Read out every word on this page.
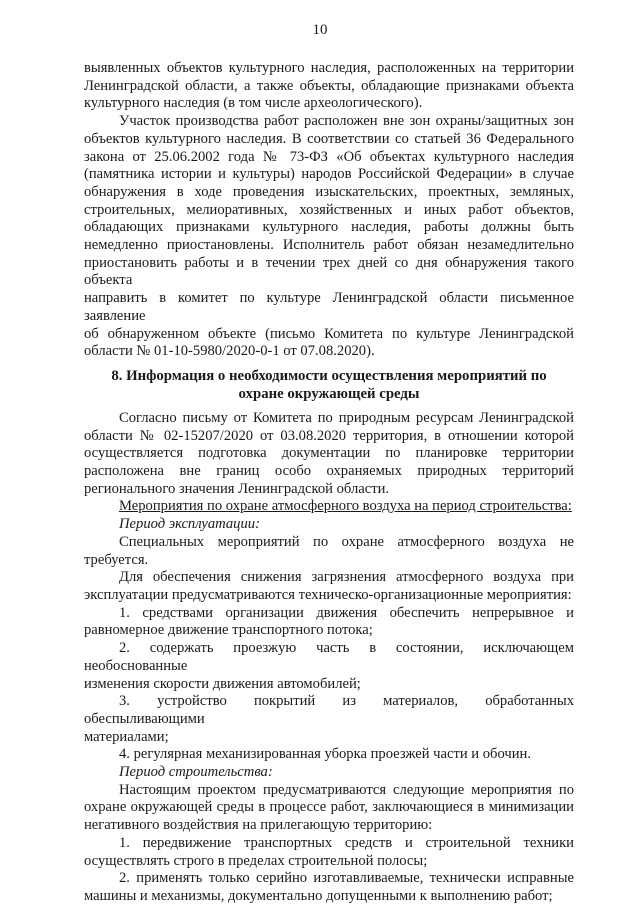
10
выявленных объектов культурного наследия, расположенных на территории
Ленинградской области, а также объекты, обладающие признаками объекта
культурного наследия (в том числе археологического).
Участок производства работ расположен вне зон охраны/защитных зон
объектов культурного наследия. В соответствии со статьей 36 Федерального
закона от 25.06.2002 года № 73-ФЗ «Об объектах культурного наследия
(памятника истории и культуры) народов Российской Федерации» в случае
обнаружения в ходе проведения изыскательских, проектных, земляных,
строительных, мелиоративных, хозяйственных и иных работ объектов,
обладающих признаками культурного наследия, работы должны быть
немедленно приостановлены. Исполнитель работ обязан незамедлительно
приостановить работы и в течении трех дней со дня обнаружения такого объекта
направить в комитет по культуре Ленинградской области письменное заявление
об обнаруженном объекте (письмо Комитета по культуре Ленинградской
области № 01-10-5980/2020-0-1 от 07.08.2020).
8. Информация о необходимости осуществления мероприятий по
охране окружающей среды
Согласно письму от Комитета по природным ресурсам Ленинградской
области № 02-15207/2020 от 03.08.2020 территория, в отношении которой
осуществляется подготовка документации по планировке территории
расположена вне границ особо охраняемых природных территорий
регионального значения Ленинградской области.
Мероприятия по охране атмосферного воздуха на период строительства:
Период эксплуатации:
Специальных мероприятий по охране атмосферного воздуха не требуется.
Для обеспечения снижения загрязнения атмосферного воздуха при
эксплуатации предусматриваются техническо-организационные мероприятия:
1. средствами организации движения обеспечить непрерывное и
равномерное движение транспортного потока;
2. содержать проезжую часть в состоянии, исключающем необоснованные
изменения скорости движения автомобилей;
3. устройство покрытий из материалов, обработанных обеспыливающими
материалами;
4. регулярная механизированная уборка проезжей части и обочин.
Период строительства:
Настоящим проектом предусматриваются следующие мероприятия по
охране окружающей среды в процессе работ, заключающиеся в минимизации
негативного воздействия на прилегающую территорию:
1. передвижение транспортных средств и строительной техники
осуществлять строго в пределах строительной полосы;
2. применять только серийно изготавливаемые, технически исправные
машины и механизмы, документально допущенными к выполнению работ;
